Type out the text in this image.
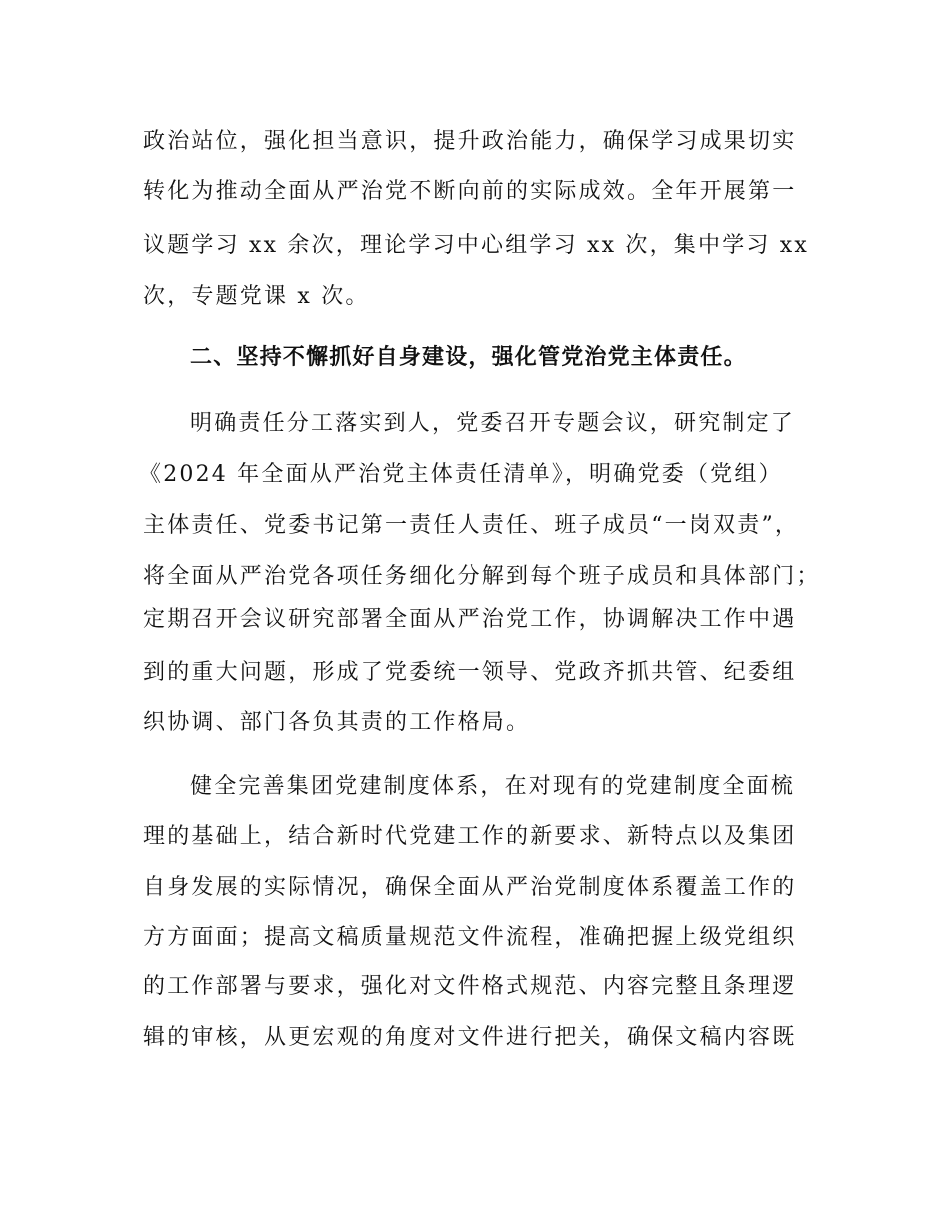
政治站位，强化担当意识，提升政治能力，确保学习成果切实
转化为推动全面从严治党不断向前的实际成效。全年开展第一
议题学习 xx 余次，理论学习中心组学习 xx 次，集中学习 xx
次，专题党课 x 次。
二、坚持不懈抓好自身建设，强化管党治党主体责任。
明确责任分工落实到人，党委召开专题会议，研究制定了
《2024 年全面从严治党主体责任清单》，明确党委（党组）
主体责任、党委书记第一责任人责任、班子成员“一岗双责”，
将全面从严治党各项任务细化分解到每个班子成员和具体部门；
定期召开会议研究部署全面从严治党工作，协调解决工作中遇
到的重大问题，形成了党委统一领导、党政齐抓共管、纪委组
织协调、部门各负其责的工作格局。
健全完善集团党建制度体系，在对现有的党建制度全面梳
理的基础上，结合新时代党建工作的新要求、新特点以及集团
自身发展的实际情况，确保全面从严治党制度体系覆盖工作的
方方面面；提高文稿质量规范文件流程，准确把握上级党组织
的工作部署与要求，强化对文件格式规范、内容完整且条理逻
辑的审核，从更宏观的角度对文件进行把关，确保文稿内容既
